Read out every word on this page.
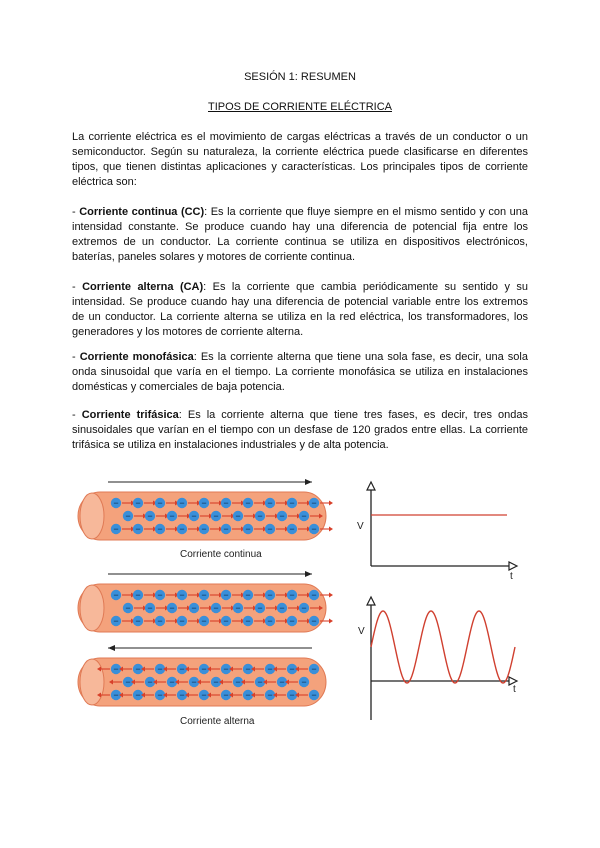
SESIÓN 1: RESUMEN
TIPOS DE CORRIENTE ELÉCTRICA

La corriente eléctrica es el movimiento de cargas eléctricas a través de un conductor o un semiconductor. Según su naturaleza, la corriente eléctrica puede clasificarse en diferentes tipos, que tienen distintas aplicaciones y características. Los principales tipos de corriente eléctrica son:

- Corriente continua (CC): Es la corriente que fluye siempre en el mismo sentido y con una intensidad constante. Se produce cuando hay una diferencia de potencial fija entre los extremos de un conductor. La corriente continua se utiliza en dispositivos electrónicos, baterías, paneles solares y motores de corriente continua.

- Corriente alterna (CA): Es la corriente que cambia periódicamente su sentido y su intensidad. Se produce cuando hay una diferencia de potencial variable entre los extremos de un conductor. La corriente alterna se utiliza en la red eléctrica, los transformadores, los generadores y los motores de corriente alterna.

- Corriente monofásica: Es la corriente alterna que tiene una sola fase, es decir, una sola onda sinusoidal que varía en el tiempo. La corriente monofásica se utiliza en instalaciones domésticas y comerciales de baja potencia.

- Corriente trifásica: Es la corriente alterna que tiene tres fases, es decir, tres ondas sinusoidales que varían en el tiempo con un desfase de 120 grados entre ellas. La corriente trifásica se utiliza en instalaciones industriales y de alta potencia.

− − − − − − − − − −
− − − − − − − − −
− − − − − − − − − −
− − − − − − − − − −
− − − − − − − − −
− − − − − − − − − −
− − − − − − − − − −
− − − − − − − − −
− − − − − − − − − −
Corriente continua
Corriente alterna
V
t
V
t
